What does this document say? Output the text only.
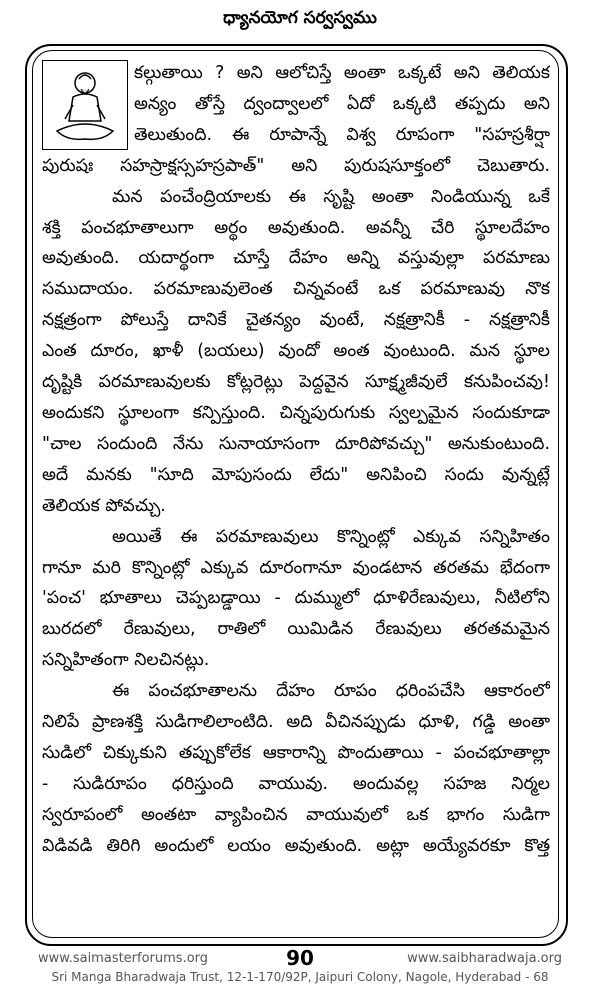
ధ్యానయోగ సర్వస్వము
కల్గుతాయి ? అని ఆలోచిస్తే అంతా ఒక్కటే అని తెలియక
అన్యం తోస్తే ద్వంద్వాలలో ఏదో ఒక్కటి తప్పదు అని
తెలుతుంది. ఈ రూపాన్నే విశ్వ రూపంగా "సహస్రశీర్షా
పురుషః సహస్రాక్షస్సహస్రపాత్" అని పురుషసూక్తంలో చెబుతారు.
మన పంచేంద్రియాలకు ఈ సృష్టి అంతా నిండియున్న ఒకే
శక్తి పంచభూతాలుగా అర్థం అవుతుంది. అవన్నీ చేరి స్థూలదేహం
అవుతుంది. యదార్థంగా చూస్తే దేహం అన్ని వస్తువుల్లా పరమాణు
సముదాయం. పరమాణువులెంత చిన్నవంటే ఒక పరమాణువు నొక
నక్షత్రంగా పోలుస్తే దానికే చైతన్యం వుంటే, నక్షత్రానికీ - నక్షత్రానికీ
ఎంత దూరం, ఖాళీ (బయలు) వుందో అంత వుంటుంది. మన స్థూల
దృష్టికి పరమాణువులకు కోట్లరెట్లు పెద్దవైన సూక్ష్మజీవులే కనుపించవు!
అందుకని స్థూలంగా కన్పిస్తుంది. చిన్నపురుగుకు స్వల్పమైన సందుకూడా
"చాల సందుంది నేను సునాయాసంగా దూరిపోవచ్చు" అనుకుంటుంది.
అదే మనకు "సూది మోపుసందు లేదు" అనిపించి సందు వున్నట్లే
తెలియక పోవచ్చు.
అయితే ఈ పరమాణువులు కొన్నింట్లో ఎక్కువ సన్నిహితం
గానూ మరి కొన్నింట్లో ఎక్కువ దూరంగానూ వుండటాన తరతమ భేదంగా
'పంచ' భూతాలు చెప్పబడ్డాయి - దుమ్ములో ధూళిరేణువులు, నీటిలోని
బురదలో రేణువులు, రాతిలో యిమిడిన రేణువులు తరతమమైన
సన్నిహితంగా నిలచినట్లు.
ఈ పంచభూతాలను దేహం రూపం ధరింపచేసి ఆకారంలో
నిలిపే ప్రాణశక్తి సుడిగాలిలాంటిది. అది వీచినప్పుడు ధూళి, గడ్డి అంతా
సుడిలో చిక్కుకుని తప్పుకోలేక ఆకారాన్ని పొందుతాయి - పంచభూతాల్లా
- సుడిరూపం ధరిస్తుంది వాయువు. అందువల్ల సహజ నిర్మల
స్వరూపంలో అంతటా వ్యాపించిన వాయువులో ఒక భాగం సుడిగా
విడివడి తిరిగి అందులో లయం అవుతుంది. అట్లా అయ్యేవరకూ కొత్త
www.saimasterforums.org	90	www.saibharadwaja.org
Sri Manga Bharadwaja Trust, 12-1-170/92P, Jaipuri Colony, Nagole, Hyderabad - 68
